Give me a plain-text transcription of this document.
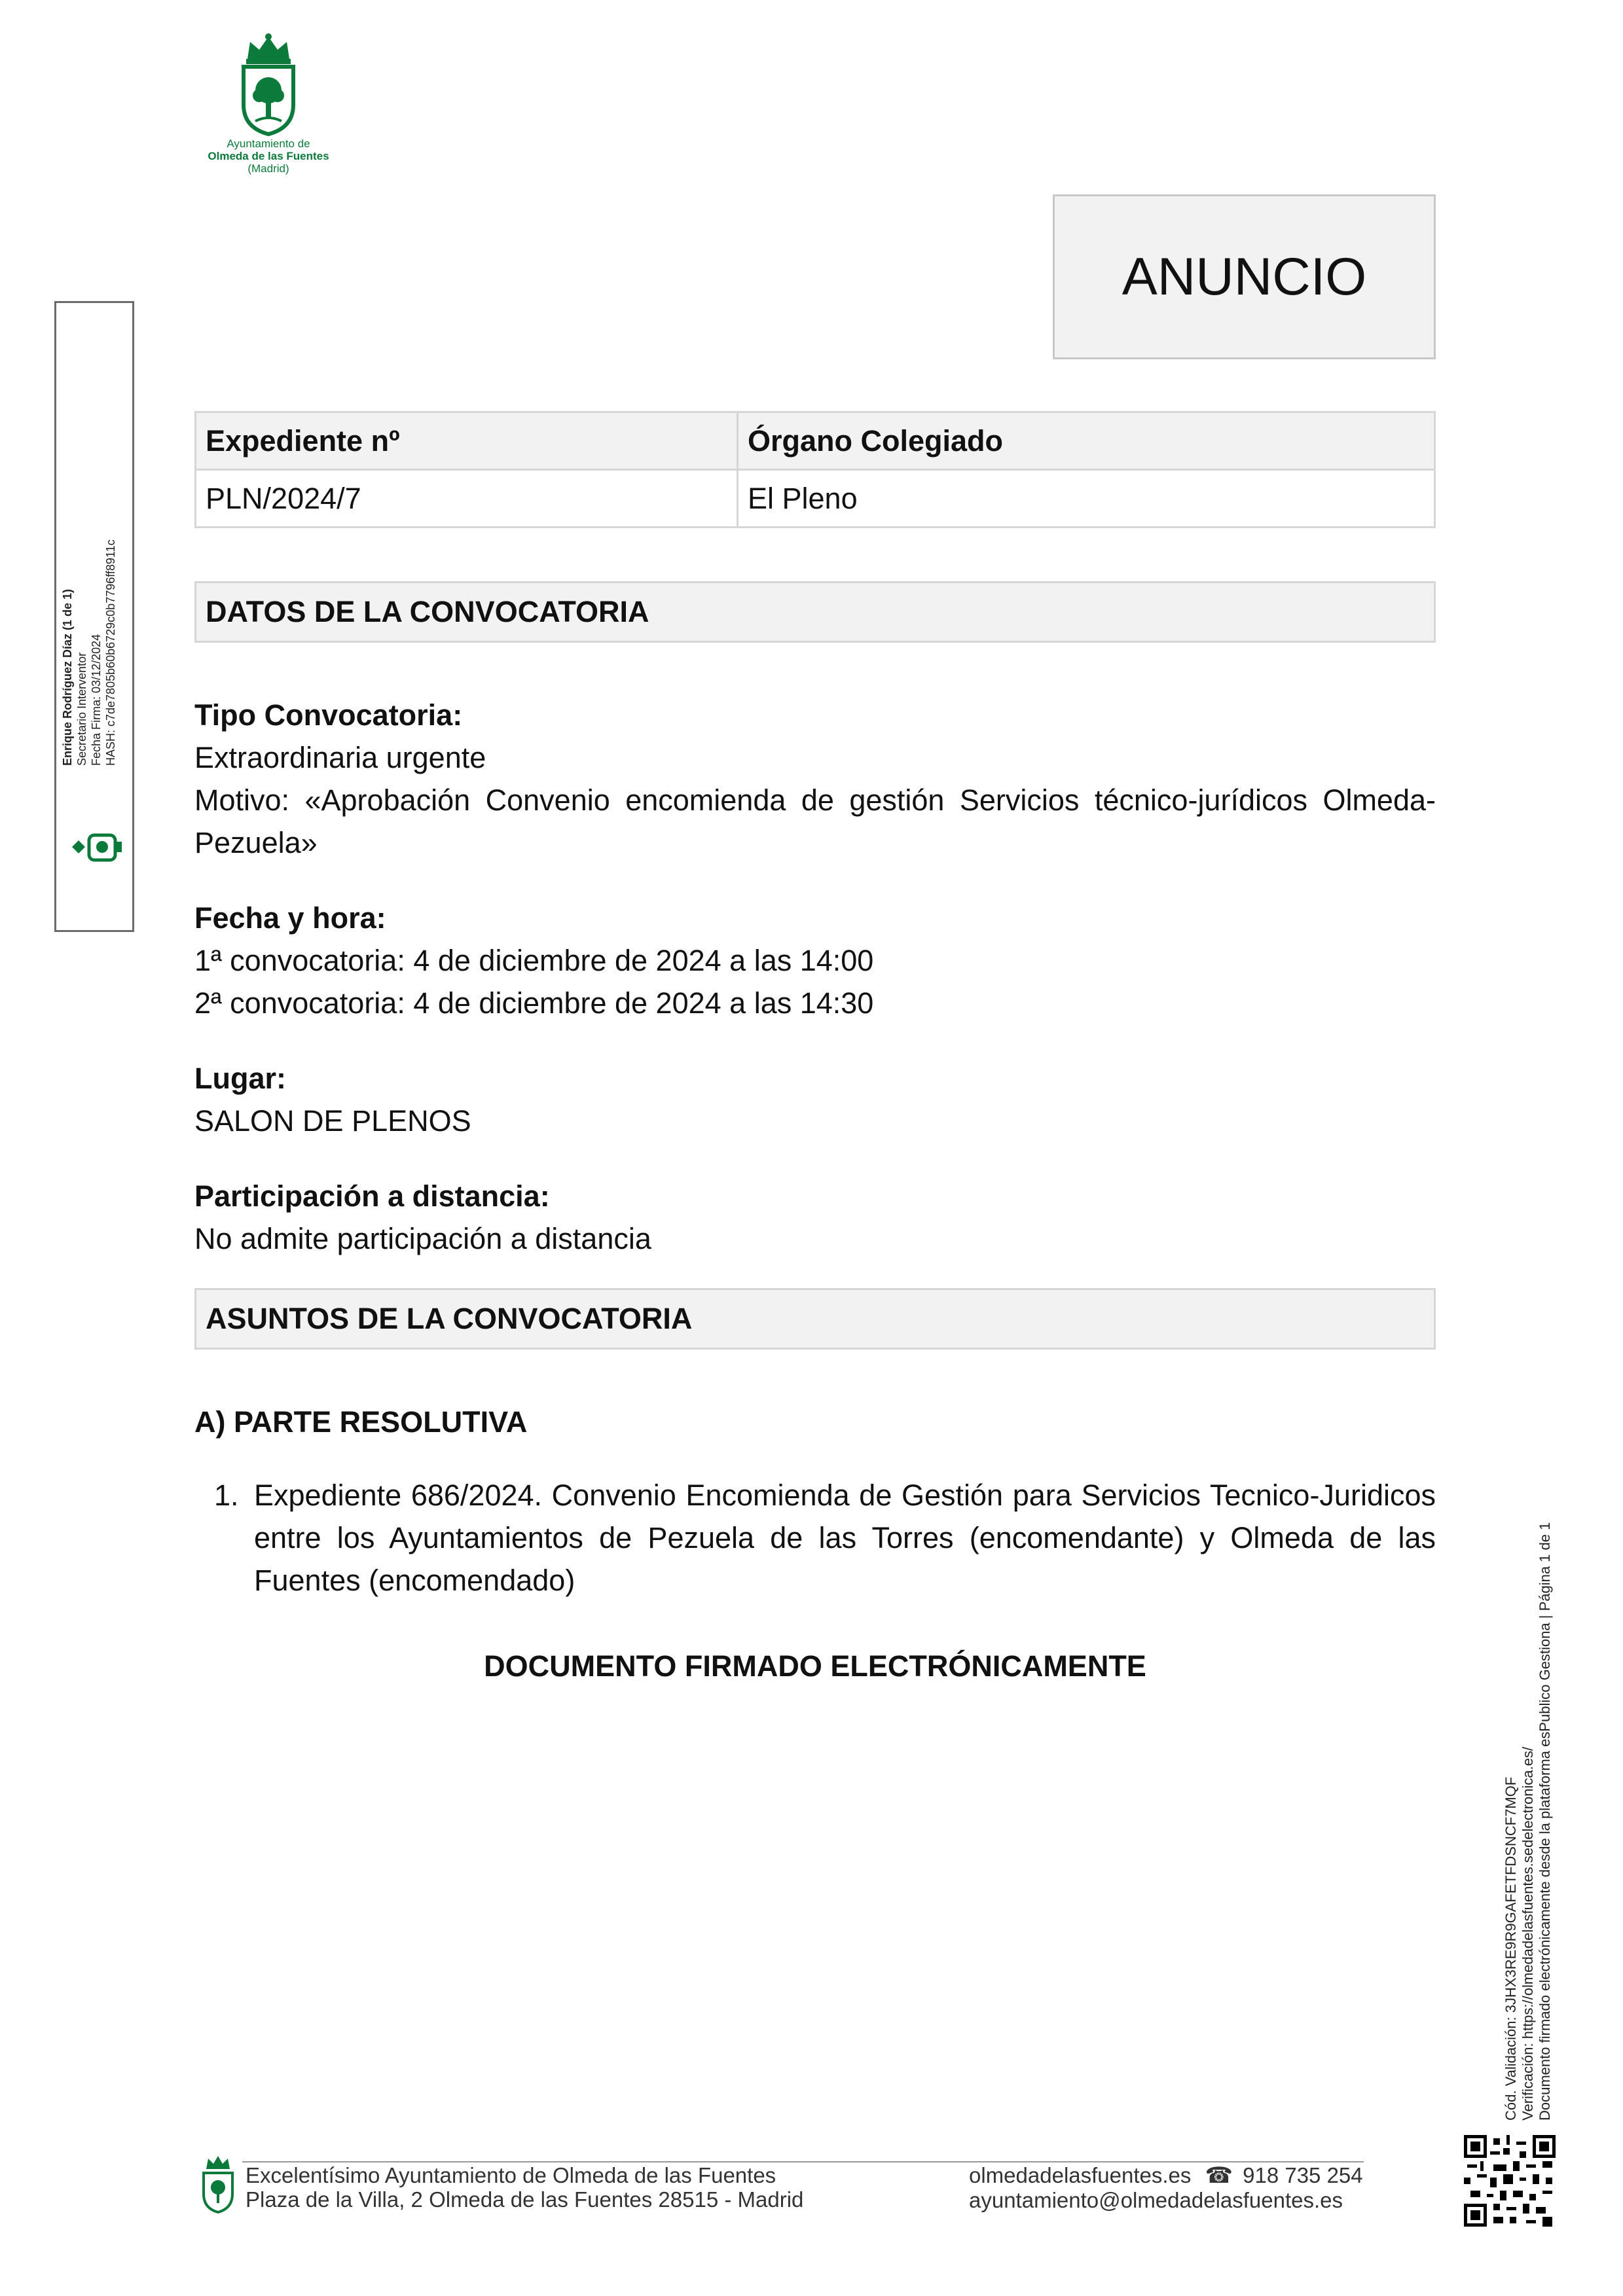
Ayuntamiento de
Olmeda de las Fuentes
(Madrid)
ANUNCIO
Expediente nº	Órgano Colegiado
PLN/2024/7	El Pleno
DATOS DE LA CONVOCATORIA
Tipo Convocatoria:
Extraordinaria urgente
Motivo: «Aprobación Convenio encomienda de gestión Servicios técnico-jurídicos Olmeda-Pezuela»
Fecha y hora:
1ª convocatoria: 4 de diciembre de 2024 a las 14:00
2ª convocatoria: 4 de diciembre de 2024 a las 14:30
Lugar:
SALON DE PLENOS
Participación a distancia:
No admite participación a distancia
ASUNTOS DE LA CONVOCATORIA
A) PARTE RESOLUTIVA
1. Expediente 686/2024. Convenio Encomienda de Gestión para Servicios Tecnico-Juridicos entre los Ayuntamientos de Pezuela de las Torres (encomendante) y Olmeda de las Fuentes (encomendado)
DOCUMENTO FIRMADO ELECTRÓNICAMENTE
Enrique Rodríguez Díaz (1 de 1) Secretario Interventor Fecha Firma: 03/12/2024 HASH: c7de7805b60b6729c0b7796ff8911c
Cód. Validación: 3JHX3RE9R9GAFETFDSNCF7MQF Verificación: https://olmedadelasfuentes.sedelectronica.es/ Documento firmado electrónicamente desde la plataforma esPublico Gestiona | Página 1 de 1
Excelentísimo Ayuntamiento de Olmeda de las Fuentes
Plaza de la Villa, 2 Olmeda de las Fuentes 28515 - Madrid
olmedadelasfuentes.es ☎ 918 735 254
ayuntamiento@olmedadelasfuentes.es
